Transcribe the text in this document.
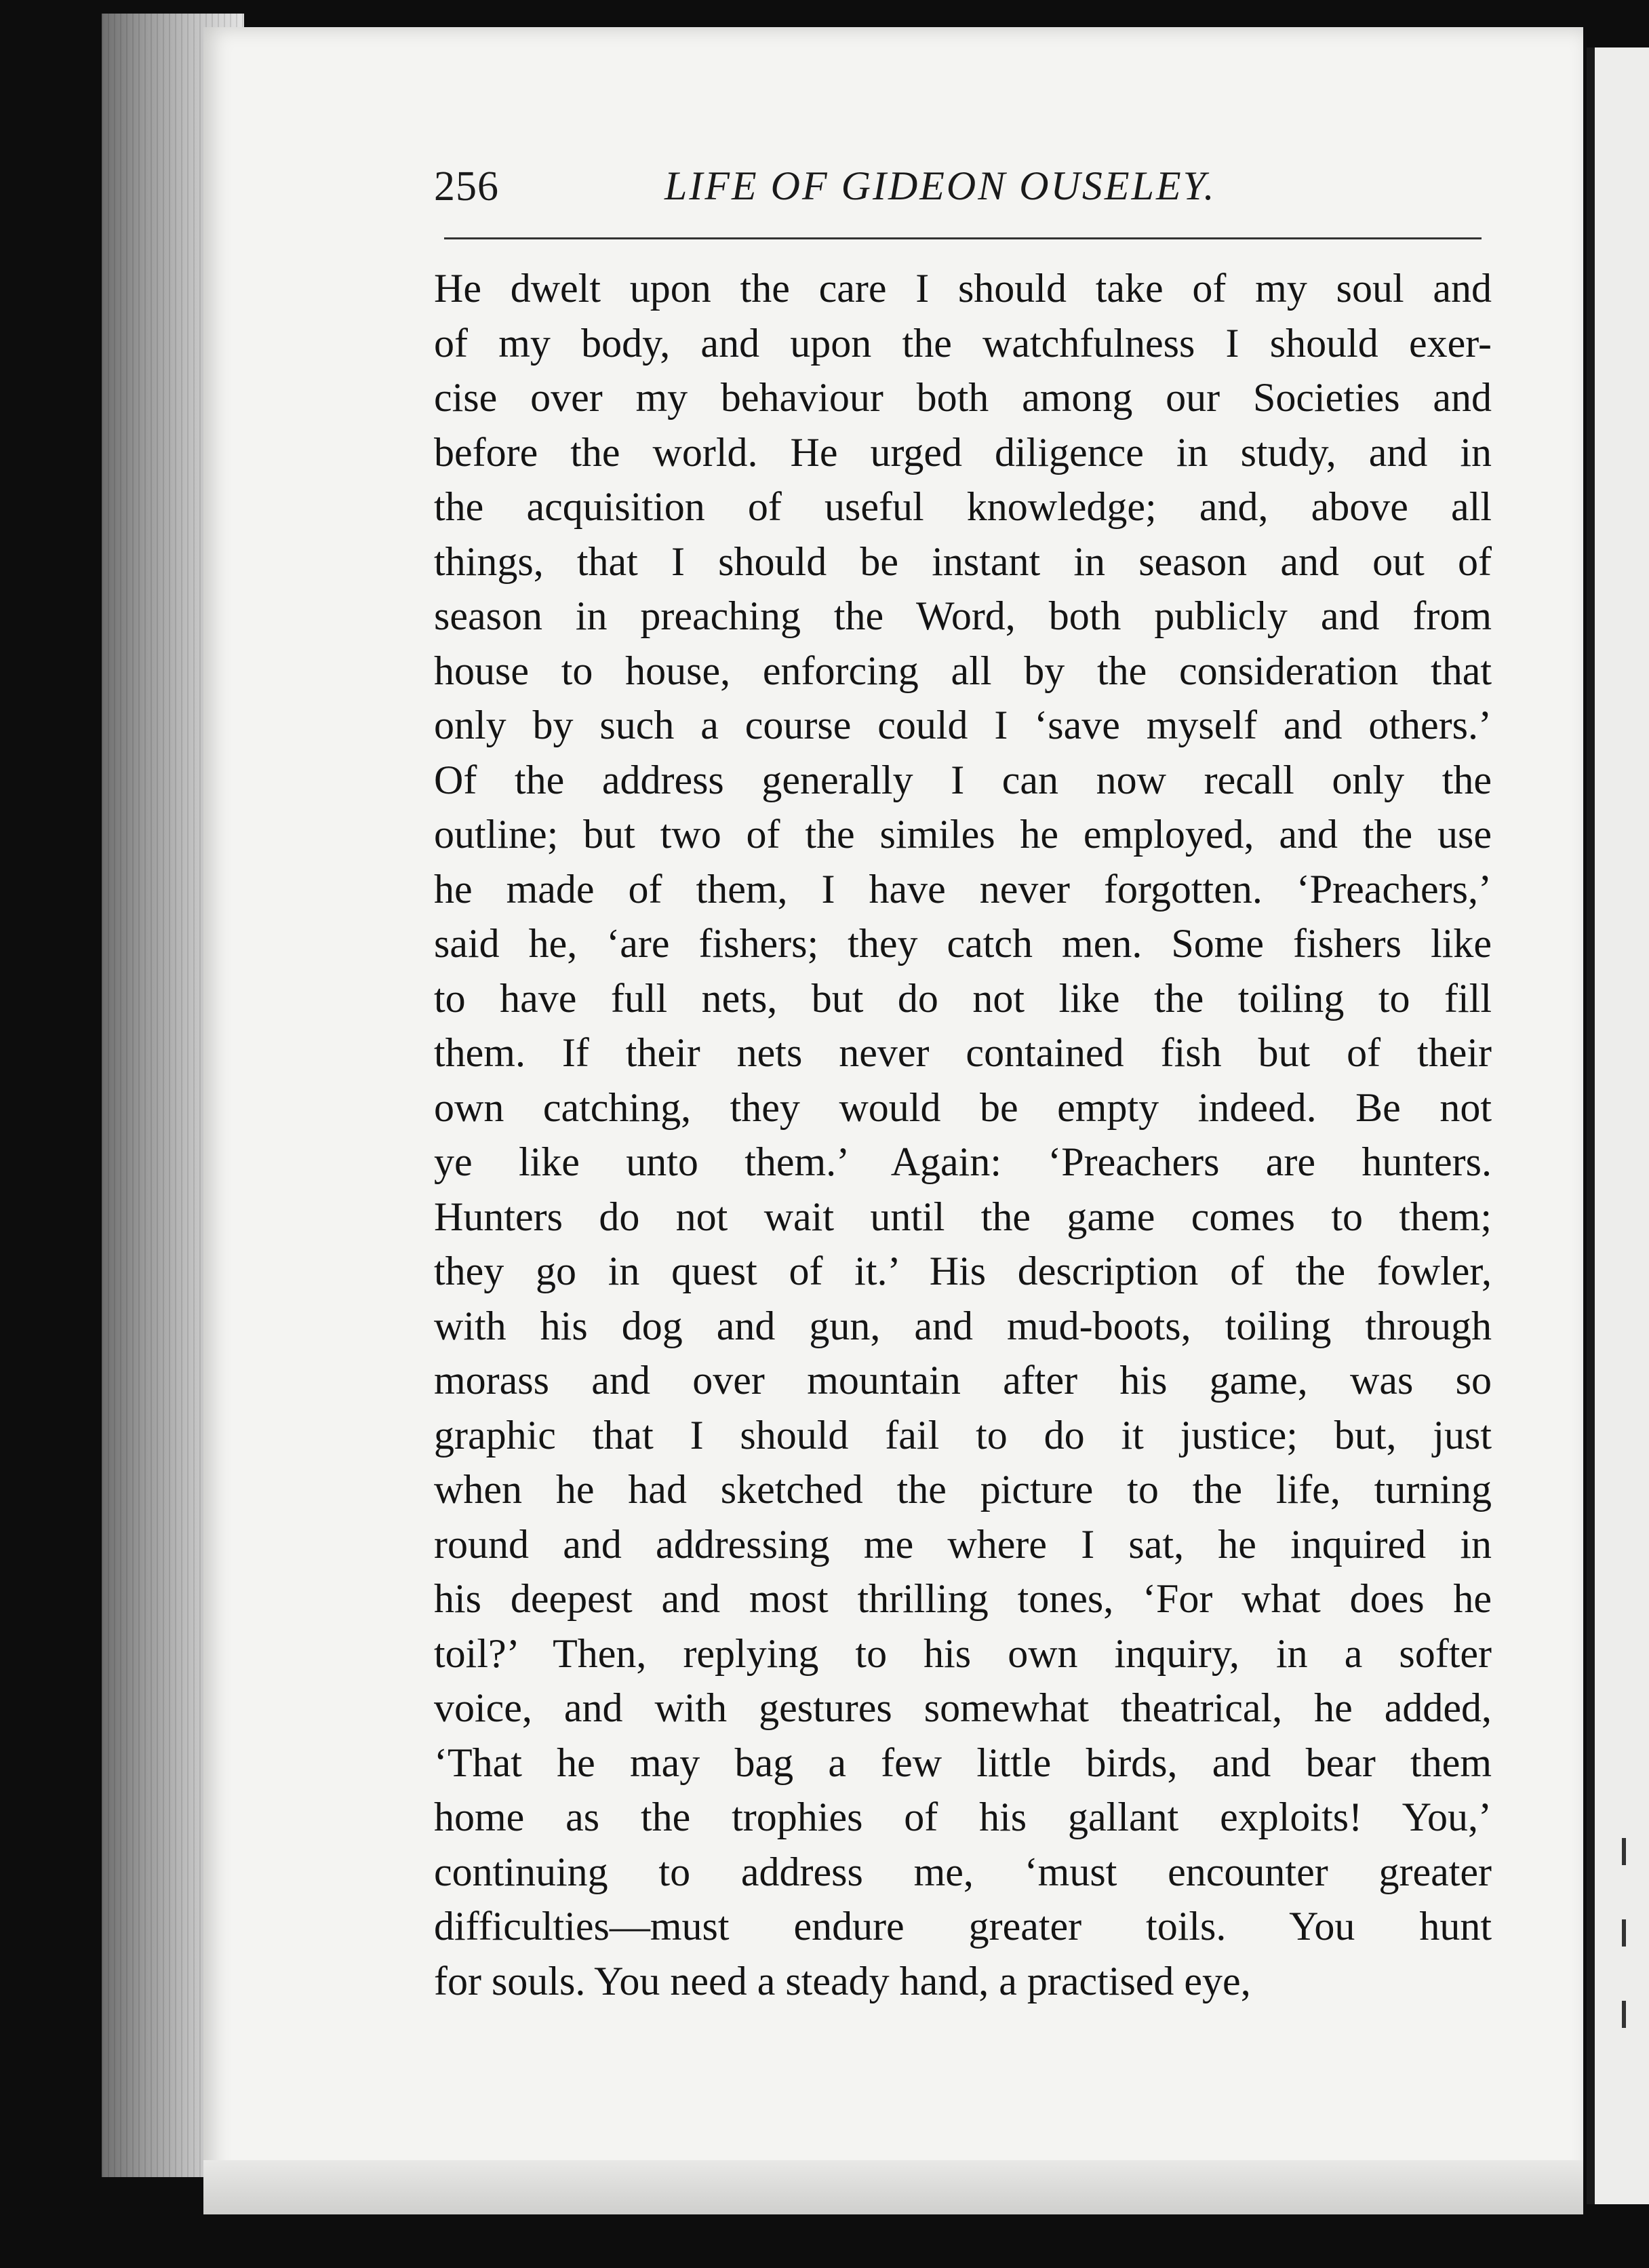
256	LIFE OF GIDEON OUSELEY.
He dwelt upon the care I should take of my soul and
of my body, and upon the watchfulness I should exer-
cise over my behaviour both among our Societies and
before the world. He urged diligence in study, and in
the acquisition of useful knowledge; and, above all
things, that I should be instant in season and out of
season in preaching the Word, both publicly and from
house to house, enforcing all by the consideration that
only by such a course could I ‘save myself and others.’
Of the address generally I can now recall only the
outline; but two of the similes he employed, and the use
he made of them, I have never forgotten. ‘Preachers,’
said he, ‘are fishers; they catch men. Some fishers like
to have full nets, but do not like the toiling to fill
them. If their nets never contained fish but of their
own catching, they would be empty indeed. Be not
ye like unto them.’ Again: ‘Preachers are hunters.
Hunters do not wait until the game comes to them;
they go in quest of it.’ His description of the fowler,
with his dog and gun, and mud-boots, toiling through
morass and over mountain after his game, was so
graphic that I should fail to do it justice; but, just
when he had sketched the picture to the life, turning
round and addressing me where I sat, he inquired in
his deepest and most thrilling tones, ‘For what does he
toil?’ Then, replying to his own inquiry, in a softer
voice, and with gestures somewhat theatrical, he added,
‘That he may bag a few little birds, and bear them
home as the trophies of his gallant exploits! You,’
continuing to address me, ‘must encounter greater
difficulties—must endure greater toils. You hunt
for souls. You need a steady hand, a practised eye,
